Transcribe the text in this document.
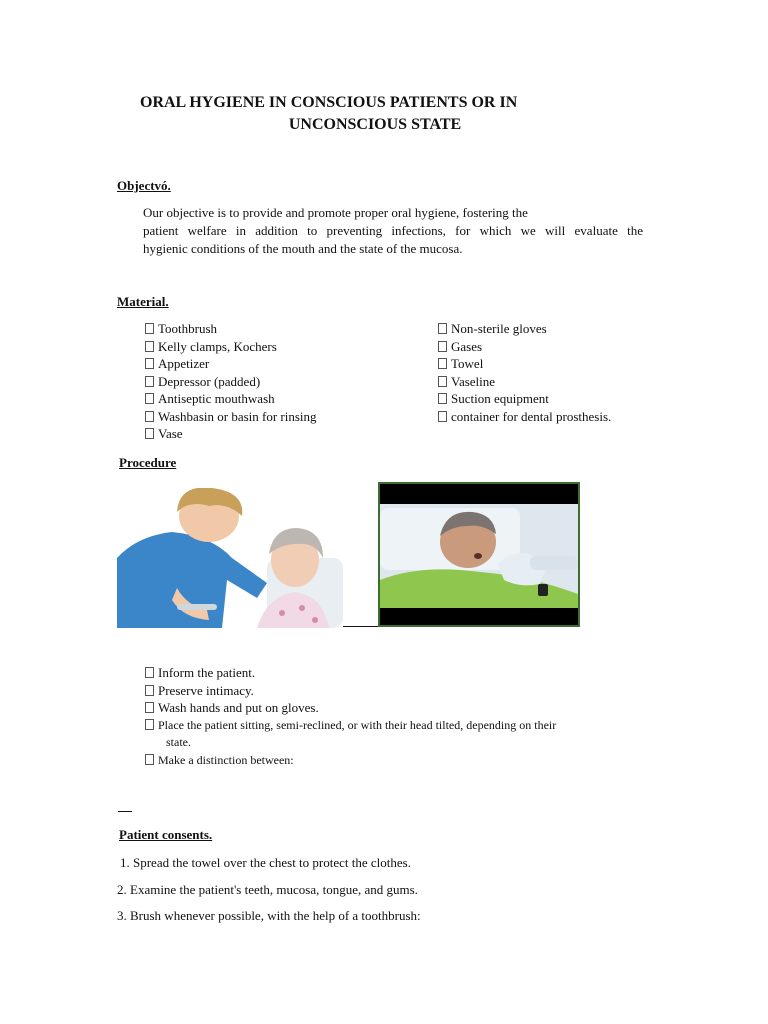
ORAL HYGIENE IN CONSCIOUS PATIENTS OR IN
UNCONSCIOUS STATE
Objectvó.
Our objective is to provide and promote proper oral hygiene, fostering the
patient welfare in addition to preventing infections, for which we will evaluate the
hygienic conditions of the mouth and the state of the mucosa.
Material.
Toothbrush
Kelly clamps, Kochers
Appetizer
Depressor (padded)
Antiseptic mouthwash
Washbasin or basin for rinsing
Vase
Non-sterile gloves
Gases
Towel
Vaseline
Suction equipment
container for dental prosthesis.
Procedure
Inform the patient.
Preserve intimacy.
Wash hands and put on gloves.
Place the patient sitting, semi-reclined, or with their head tilted, depending on their
state.
Make a distinction between:
Patient consents.
1. Spread the towel over the chest to protect the clothes.
2. Examine the patient's teeth, mucosa, tongue, and gums.
3. Brush whenever possible, with the help of a toothbrush:
